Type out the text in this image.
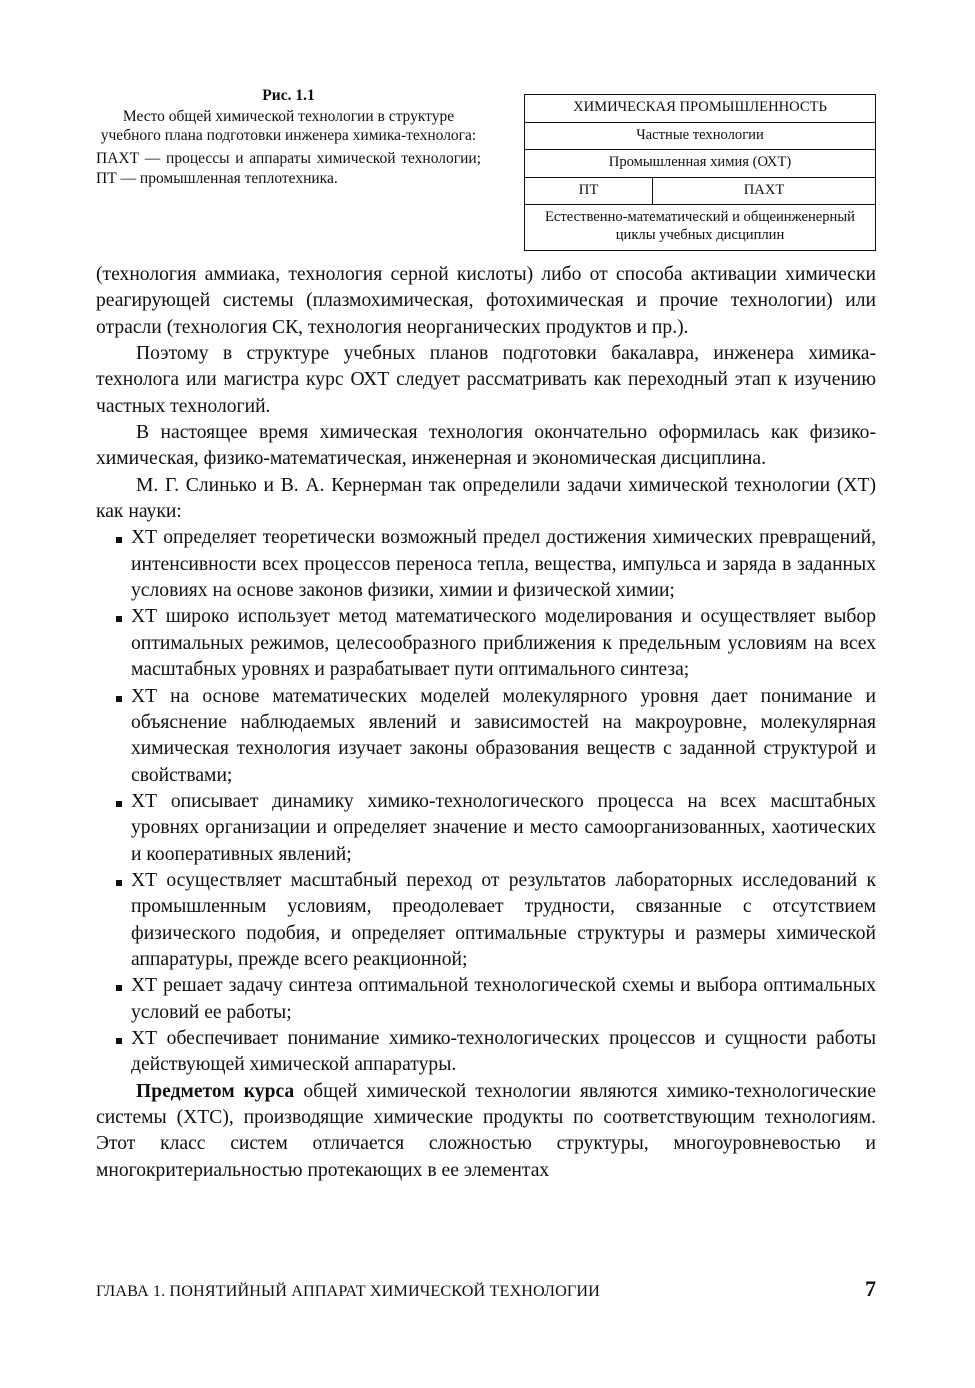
Рис. 1.1
Место общей химической технологии в структуре учебного плана подготовки инженера химика-технолога:
ПАХТ — процессы и аппараты химической технологии; ПТ — промышленная теплотехника.
ХИМИЧЕСКАЯ ПРОМЫШЛЕННОСТЬ
Частные технологии
Промышленная химия (ОХТ)
ПТ	ПАХТ
Естественно-математический и общеинженерный циклы учебных дисциплин

(технология аммиака, технология серной кислоты) либо от способа активации химически реагирующей системы (плазмохимическая, фотохимическая и прочие технологии) или отрасли (технология СК, технология неорганических продуктов и пр.).

Поэтому в структуре учебных планов подготовки бакалавра, инженера химика-технолога или магистра курс ОХТ следует рассматривать как переходный этап к изучению частных технологий.

В настоящее время химическая технология окончательно оформилась как физико-химическая, физико-математическая, инженерная и экономическая дисциплина.

М. Г. Слинько и В. А. Кернерман так определили задачи химической технологии (ХТ) как науки:

ХТ определяет теоретически возможный предел достижения химических превращений, интенсивности всех процессов переноса тепла, вещества, импульса и заряда в заданных условиях на основе законов физики, химии и физической химии;
ХТ широко использует метод математического моделирования и осуществляет выбор оптимальных режимов, целесообразного приближения к предельным условиям на всех масштабных уровнях и разрабатывает пути оптимального синтеза;
ХТ на основе математических моделей молекулярного уровня дает понимание и объяснение наблюдаемых явлений и зависимостей на макроуровне, молекулярная химическая технология изучает законы образования веществ с заданной структурой и свойствами;
ХТ описывает динамику химико-технологического процесса на всех масштабных уровнях организации и определяет значение и место самоорганизованных, хаотических и кооперативных явлений;
ХТ осуществляет масштабный переход от результатов лабораторных исследований к промышленным условиям, преодолевает трудности, связанные с отсутствием физического подобия, и определяет оптимальные структуры и размеры химической аппаратуры, прежде всего реакционной;
ХТ решает задачу синтеза оптимальной технологической схемы и выбора оптимальных условий ее работы;
ХТ обеспечивает понимание химико-технологических процессов и сущности работы действующей химической аппаратуры.

Предметом курса общей химической технологии являются химико-технологические системы (ХТС), производящие химические продукты по соответствующим технологиям. Этот класс систем отличается сложностью структуры, многоуровневостью и многокритериальностью протекающих в ее элементах

ГЛАВА 1. ПОНЯТИЙНЫЙ АППАРАТ ХИМИЧЕСКОЙ ТЕХНОЛОГИИ	7
